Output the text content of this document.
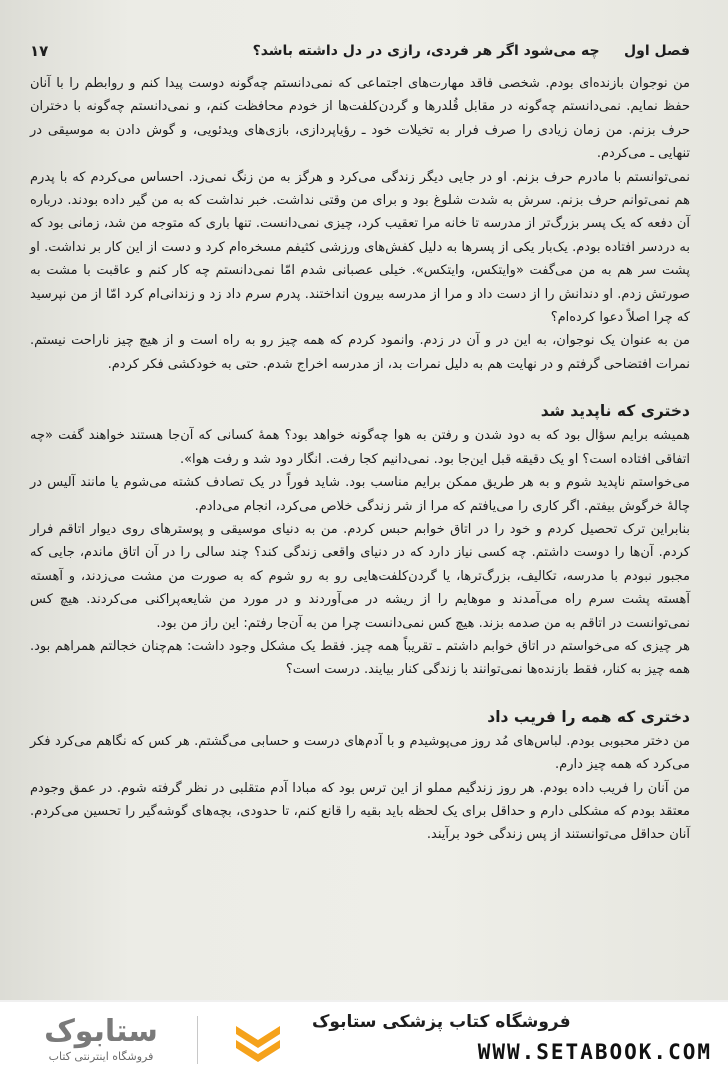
فصل اول     چه می‌شود اگر هر فردی، رازی در دل داشته باشد؟
۱۷

من نوجوان بازنده‌ای بودم. شخصی فاقد مهارت‌های اجتماعی که نمی‌دانستم چه‌گونه دوست پیدا کنم و روابطم را با آنان حفظ نمایم. نمی‌دانستم چه‌گونه در مقابل قُلدرها و گردن‌کلفت‌ها از خودم محافظت کنم، و نمی‌دانستم چه‌گونه با دختران حرف بزنم. من زمان زیادی را صرف فرار به تخیلات خود ـ رؤیاپردازی، بازی‌های ویدئویی، و گوش دادن به موسیقی در تنهایی ـ می‌کردم.

نمی‌توانستم با مادرم حرف بزنم. او در جایی دیگر زندگی می‌کرد و هرگز به من زنگ نمی‌زد. احساس می‌کردم که با پدرم هم نمی‌توانم حرف بزنم. سرش به شدت شلوغ بود و برای من وقتی نداشت. خبر نداشت که به من گیر داده بودند. درباره آن دفعه که یک پسر بزرگ‌تر از مدرسه تا خانه مرا تعقیب کرد، چیزی نمی‌دانست. تنها باری که متوجه من شد، زمانی بود که به دردسر افتاده بودم. یک‌بار یکی از پسرها به دلیل کفش‌های ورزشی کثیفم مسخره‌ام کرد و دست از این کار بر نداشت. او پشت سر هم به من می‌گفت «وایتکس، وایتکس». خیلی عصبانی شدم امّا نمی‌دانستم چه کار کنم و عاقبت با مشت به صورتش زدم. او دندانش را از دست داد و مرا از مدرسه بیرون انداختند. پدرم سرم داد زد و زندانی‌ام کرد امّا از من نپرسید که چرا اصلاً دعوا کرده‌ام؟

من به عنوان یک نوجوان، به این در و آن در زدم. وانمود کردم که همه چیز رو به راه است و از هیچ چیز ناراحت نیستم. نمرات افتضاحی گرفتم و در نهایت هم به دلیل نمرات بد، از مدرسه اخراج شدم. حتی به خودکشی فکر کردم.

دختری که ناپدید شد

همیشه برایم سؤال بود که به دود شدن و رفتن به هوا چه‌گونه خواهد بود؟ همهٔ کسانی که آن‌جا هستند خواهند گفت «چه اتفاقی افتاده است؟ او یک دقیقه قبل این‌جا بود. نمی‌دانیم کجا رفت. انگار دود شد و رفت هوا».

می‌خواستم ناپدید شوم و به هر طریق ممکن برایم مناسب بود. شاید فوراً در یک تصادف کشته می‌شوم یا مانند آلیس در چالهٔ خرگوش بیفتم. اگر کاری را می‌یافتم که مرا از شر زندگی خلاص می‌کرد، انجام می‌دادم.

بنابراین ترک تحصیل کردم و خود را در اتاق خوابم حبس کردم. من به دنیای موسیقی و پوسترهای روی دیوار اتاقم فرار کردم. آن‌ها را دوست داشتم. چه کسی نیاز دارد که در دنیای واقعی زندگی کند؟ چند سالی را در آن اتاق ماندم، جایی که مجبور نبودم با مدرسه، تکالیف، بزرگ‌ترها، یا گردن‌کلفت‌هایی رو به رو شوم که به صورت من مشت می‌زدند، و آهسته آهسته پشت سرم راه می‌آمدند و موهایم را از ریشه در می‌آوردند و در مورد من شایعه‌پراکنی می‌کردند. هیچ کس نمی‌توانست در اتاقم به من صدمه بزند. هیچ کس نمی‌دانست چرا من به آن‌جا رفتم: این راز من بود.

هر چیزی که می‌خواستم در اتاق خوابم داشتم ـ تقریباً همه چیز. فقط یک مشکل وجود داشت: هم‌چنان خجالتم همراهم بود. همه چیز به کنار، فقط بازنده‌ها نمی‌توانند با زندگی کنار بیایند. درست است؟

دختری که همه را فریب داد

من دختر محبوبی بودم. لباس‌های مُد روز می‌پوشیدم و با آدم‌های درست و حسابی می‌گشتم. هر کس که نگاهم می‌کرد فکر می‌کرد که همه چیز دارم.

من آنان را فریب داده بودم. هر روز زندگیم مملو از این ترس بود که مبادا آدم متقلبی در نظر گرفته شوم. در عمق وجودم معتقد بودم که مشکلی دارم و حداقل برای یک لحظه باید بقیه را قانع کنم، تا حدودی، بچه‌های گوشه‌گیر را تحسین می‌کردم. آنان حداقل می‌توانستند از پس زندگی خود برآیند.

ستابوک
فروشگاه اینترنتی کتاب
فروشگاه کتاب پزشکی ستابوک
WWW.SETABOOK.COM
